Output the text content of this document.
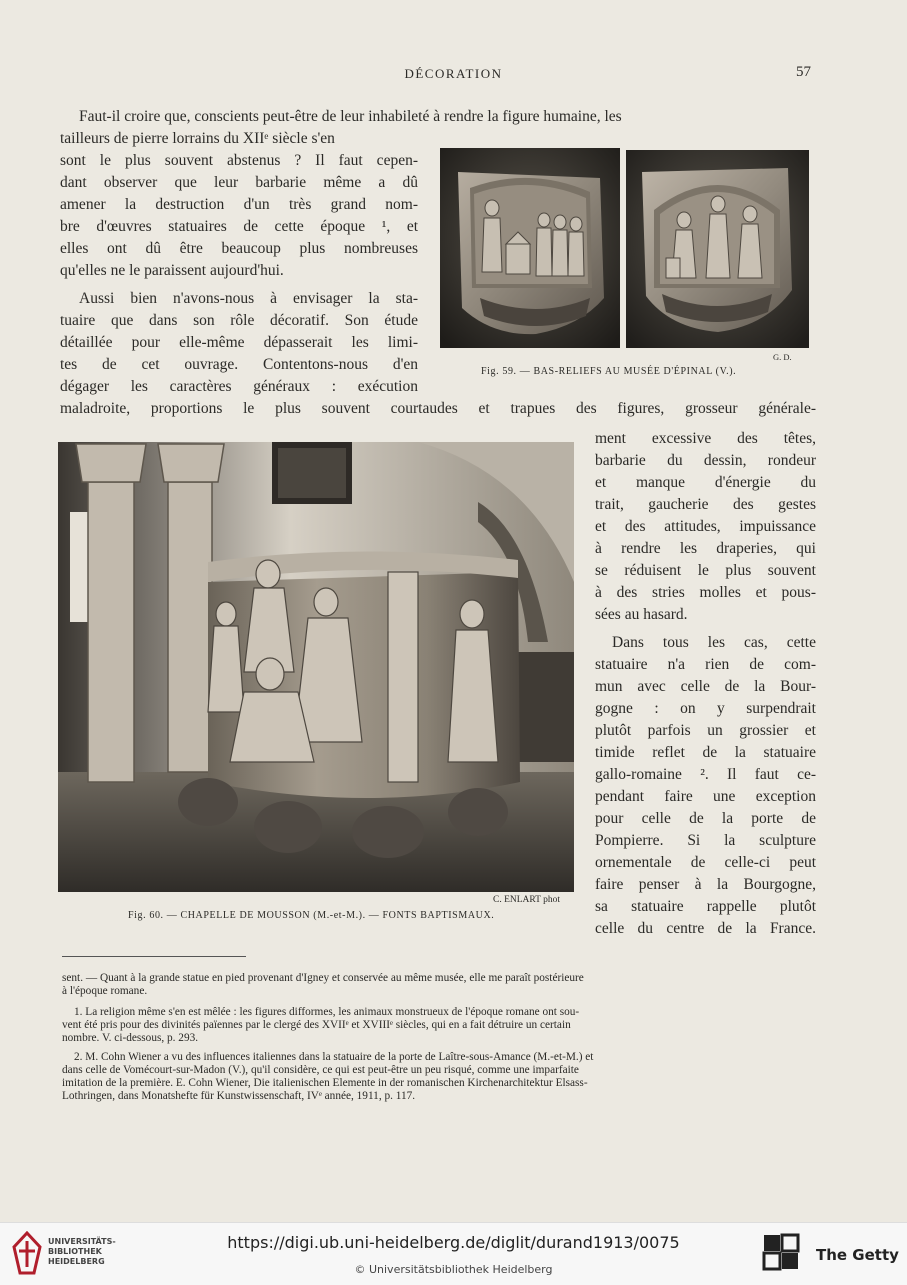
DÉCORATION	57
Faut-il croire que, conscients peut-être de leur inhabileté à rendre la figure humaine, les
tailleurs de pierre lorrains du XIIᵉ siècle s'en
sont le plus souvent abstenus ? Il faut cepen-
dant observer que leur barbarie même a dû
amener la destruction d'un très grand nom-
bre d'œuvres statuaires de cette époque ¹, et
elles ont dû être beaucoup plus nombreuses
qu'elles ne le paraissent aujourd'hui.
Aussi bien n'avons-nous à envisager la sta-
tuaire que dans son rôle décoratif. Son étude
détaillée pour elle-même dépasserait les limi-
tes de cet ouvrage. Contentons-nous d'en
dégager les caractères généraux : exécution
maladroite, proportions le plus souvent courtaudes et trapues des figures, grosseur générale-
ment excessive des têtes,
barbarie du dessin, rondeur
et manque d'énergie du
trait, gaucherie des gestes
et des attitudes, impuissance
à rendre les draperies, qui
se réduisent le plus souvent
à des stries molles et pous-
sées au hasard.
Dans tous les cas, cette
statuaire n'a rien de com-
mun avec celle de la Bour-
gogne : on y surpendrait
plutôt parfois un grossier et
timide reflet de la statuaire
gallo-romaine ². Il faut ce-
pendant faire une exception
pour celle de la porte de
Pompierre. Si la sculpture
ornementale de celle-ci peut
faire penser à la Bourgogne,
sa statuaire rappelle plutôt
celle du centre de la France.
G. D.
Fig. 59. — BAS-RELIEFS AU MUSÉE D'ÉPINAL (V.).
C. ENLART phot
Fig. 60. — CHAPELLE DE MOUSSON (M.-et-M.). — FONTS BAPTISMAUX.
sent. — Quant à la grande statue en pied provenant d'Igney et conservée au même musée, elle me paraît postérieure
à l'époque romane.
1. La religion même s'en est mêlée : les figures difformes, les animaux monstrueux de l'époque romane ont sou-
vent été pris pour des divinités païennes par le clergé des XVIIᵉ et XVIIIᵉ siècles, qui en a fait détruire un certain
nombre. V. ci-dessous, p. 293.
2. M. Cohn Wiener a vu des influences italiennes dans la statuaire de la porte de Laître-sous-Amance (M.-et-M.) et
dans celle de Vomécourt-sur-Madon (V.), qu'il considère, ce qui est peut-être un peu risqué, comme une imparfaite
imitation de la première. E. Cohn Wiener, Die italienischen Elemente in der romanischen Kirchenarchitektur Elsass-
Lothringen, dans Monatshefte für Kunstwissenschaft, IVᵉ année, 1911, p. 117.
UNIVERSITÄTS-
BIBLIOTHEK
HEIDELBERG
https://digi.ub.uni-heidelberg.de/diglit/durand1913/0075
© Universitätsbibliothek Heidelberg
The Getty
